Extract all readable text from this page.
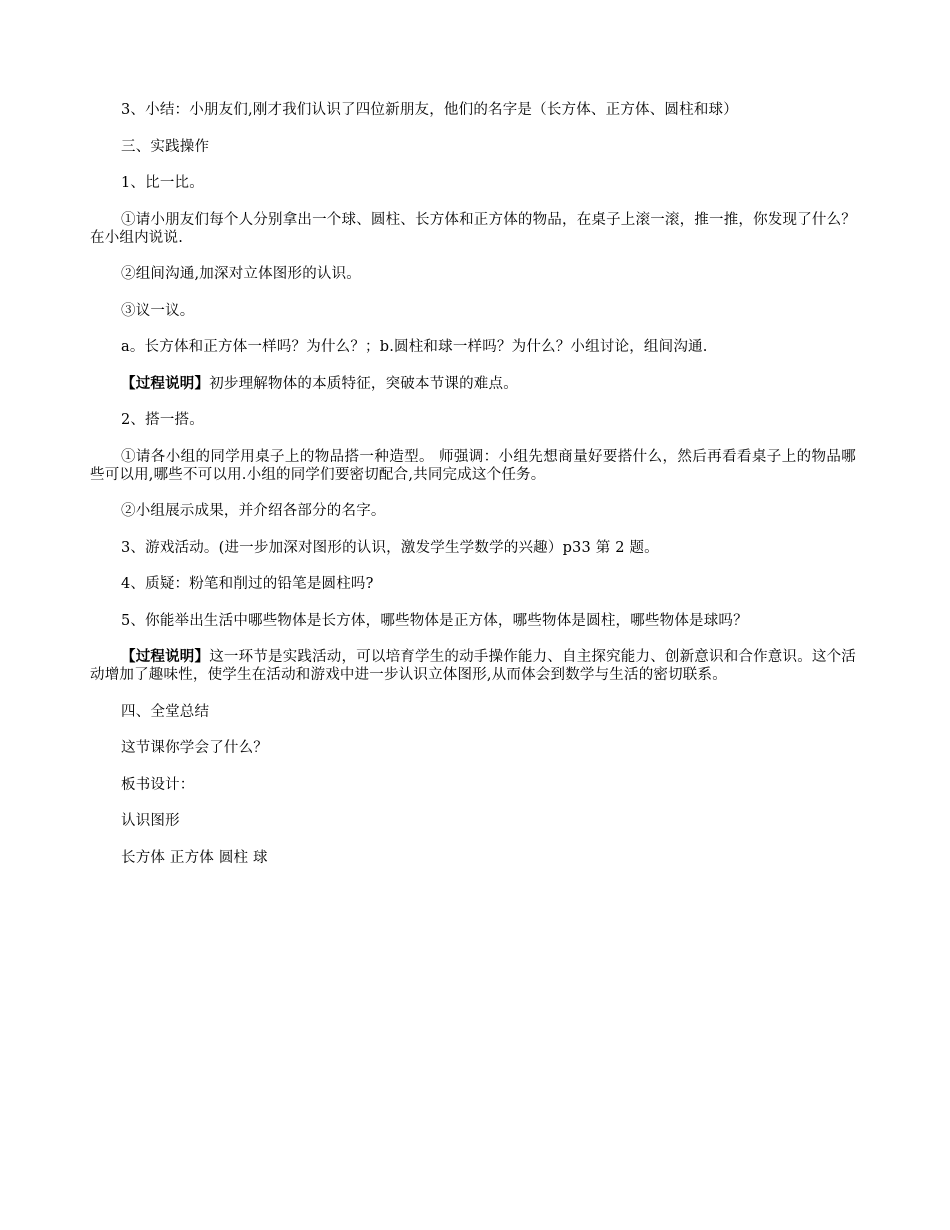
3、小结：小朋友们,刚才我们认识了四位新朋友，他们的名字是（长方体、正方体、圆柱和球）

三、实践操作

1、比一比。

①请小朋友们每个人分别拿出一个球、圆柱、长方体和正方体的物品，在桌子上滚一滚，推一推，你发现了什么？在小组内说说.

②组间沟通,加深对立体图形的认识。

③议一议。

a。长方体和正方体一样吗？为什么？；b.圆柱和球一样吗？为什么？小组讨论，组间沟通.

【过程说明】初步理解物体的本质特征，突破本节课的难点。

2、搭一搭。

①请各小组的同学用桌子上的物品搭一种造型。 师强调：小组先想商量好要搭什么，然后再看看桌子上的物品哪些可以用,哪些不可以用.小组的同学们要密切配合,共同完成这个任务。

②小组展示成果，并介绍各部分的名字。

3、游戏活动。(进一步加深对图形的认识，激发学生学数学的兴趣）p33 第 2 题。

4、质疑：粉笔和削过的铅笔是圆柱吗?

5、你能举出生活中哪些物体是长方体，哪些物体是正方体，哪些物体是圆柱，哪些物体是球吗？

【过程说明】这一环节是实践活动，可以培育学生的动手操作能力、自主探究能力、创新意识和合作意识。这个活动增加了趣味性，使学生在活动和游戏中进一步认识立体图形,从而体会到数学与生活的密切联系。

四、全堂总结

这节课你学会了什么？

板书设计：

认识图形

长方体 正方体 圆柱 球
